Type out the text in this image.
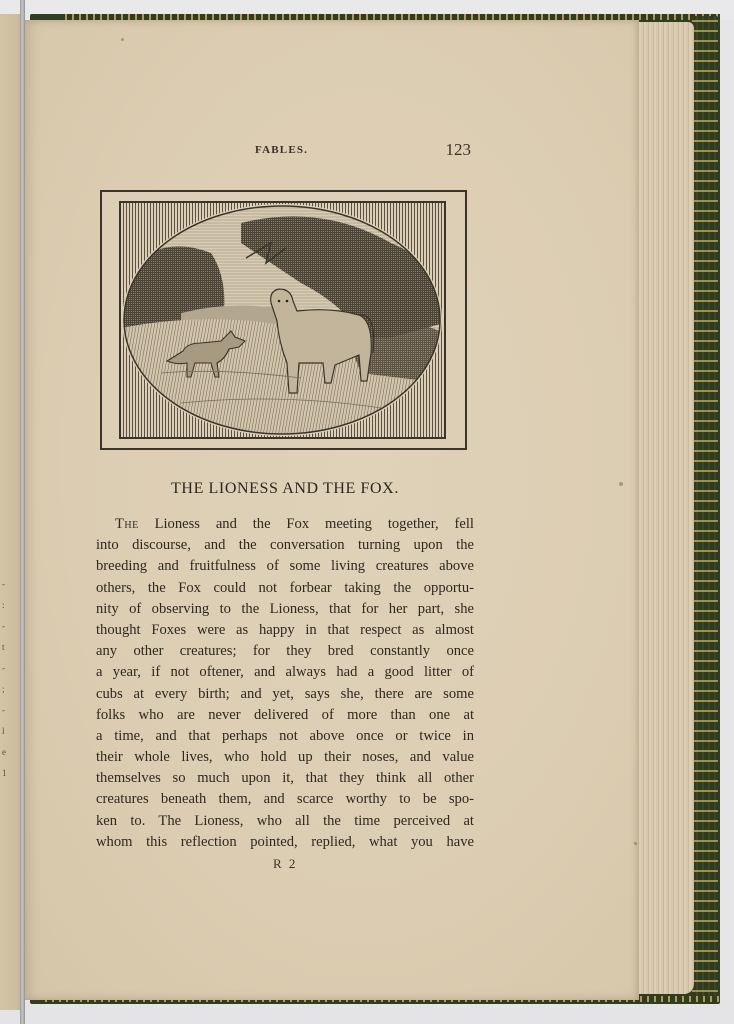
-
:
-
t
-
;
-
l
e
1
FABLES.	123
THE LIONESS AND THE FOX.
The Lioness and the Fox meeting together, fell
into discourse, and the conversation turning upon the
breeding and fruitfulness of some living creatures above
others, the Fox could not forbear taking the opportu-
nity of observing to the Lioness, that for her part, she
thought Foxes were as happy in that respect as almost
any other creatures; for they bred constantly once
a year, if not oftener, and always had a good litter of
cubs at every birth; and yet, says she, there are some
folks who are never delivered of more than one at
a time, and that perhaps not above once or twice in
their whole lives, who hold up their noses, and value
themselves so much upon it, that they think all other
creatures beneath them, and scarce worthy to be spo-
ken to. The Lioness, who all the time perceived at
whom this reflection pointed, replied, what you have
R 2
